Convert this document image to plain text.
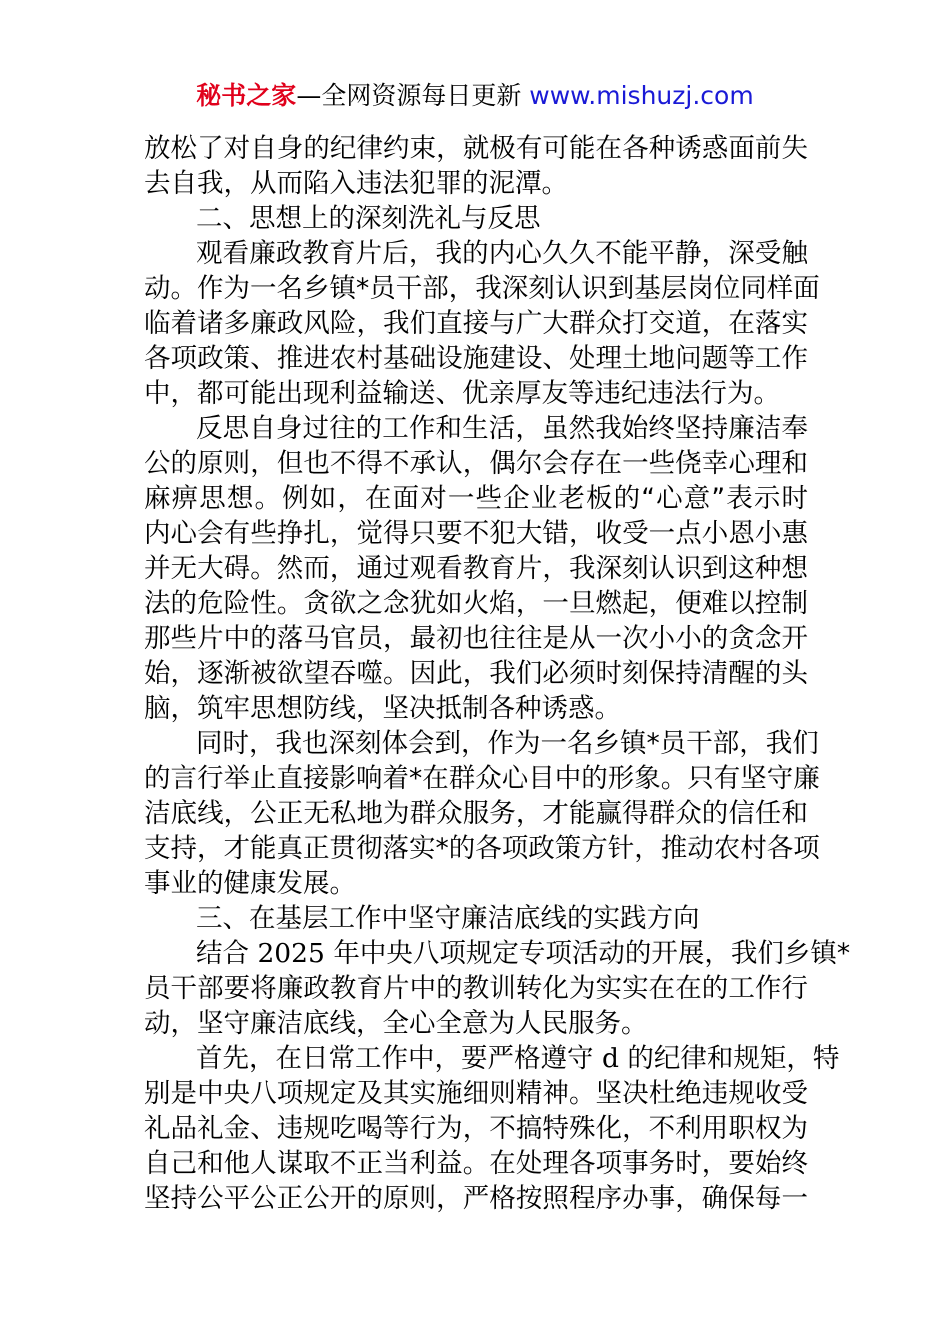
秘书之家—全网资源每日更新 www.mishuzj.com
放松了对自身的纪律约束，就极有可能在各种诱惑面前失
去自我，从而陷入违法犯罪的泥潭。
二、思想上的深刻洗礼与反思
观看廉政教育片后，我的内心久久不能平静，深受触
动。作为一名乡镇*员干部，我深刻认识到基层岗位同样面
临着诸多廉政风险，我们直接与广大群众打交道，在落实
各项政策、推进农村基础设施建设、处理土地问题等工作
中，都可能出现利益输送、优亲厚友等违纪违法行为。
反思自身过往的工作和生活，虽然我始终坚持廉洁奉
公的原则，但也不得不承认，偶尔会存在一些侥幸心理和
麻痹思想。例如，在面对一些企业老板的“心意”表示时
内心会有些挣扎，觉得只要不犯大错，收受一点小恩小惠
并无大碍。然而，通过观看教育片，我深刻认识到这种想
法的危险性。贪欲之念犹如火焰，一旦燃起，便难以控制
那些片中的落马官员，最初也往往是从一次小小的贪念开
始，逐渐被欲望吞噬。因此，我们必须时刻保持清醒的头
脑，筑牢思想防线，坚决抵制各种诱惑。
同时，我也深刻体会到，作为一名乡镇*员干部，我们
的言行举止直接影响着*在群众心目中的形象。只有坚守廉
洁底线，公正无私地为群众服务，才能赢得群众的信任和
支持，才能真正贯彻落实*的各项政策方针，推动农村各项
事业的健康发展。
三、在基层工作中坚守廉洁底线的实践方向
结合 2025 年中央八项规定专项活动的开展，我们乡镇*
员干部要将廉政教育片中的教训转化为实实在在的工作行
动，坚守廉洁底线，全心全意为人民服务。
首先，在日常工作中，要严格遵守 d 的纪律和规矩，特
别是中央八项规定及其实施细则精神。坚决杜绝违规收受
礼品礼金、违规吃喝等行为，不搞特殊化，不利用职权为
自己和他人谋取不正当利益。在处理各项事务时，要始终
坚持公平公正公开的原则，严格按照程序办事，确保每一
